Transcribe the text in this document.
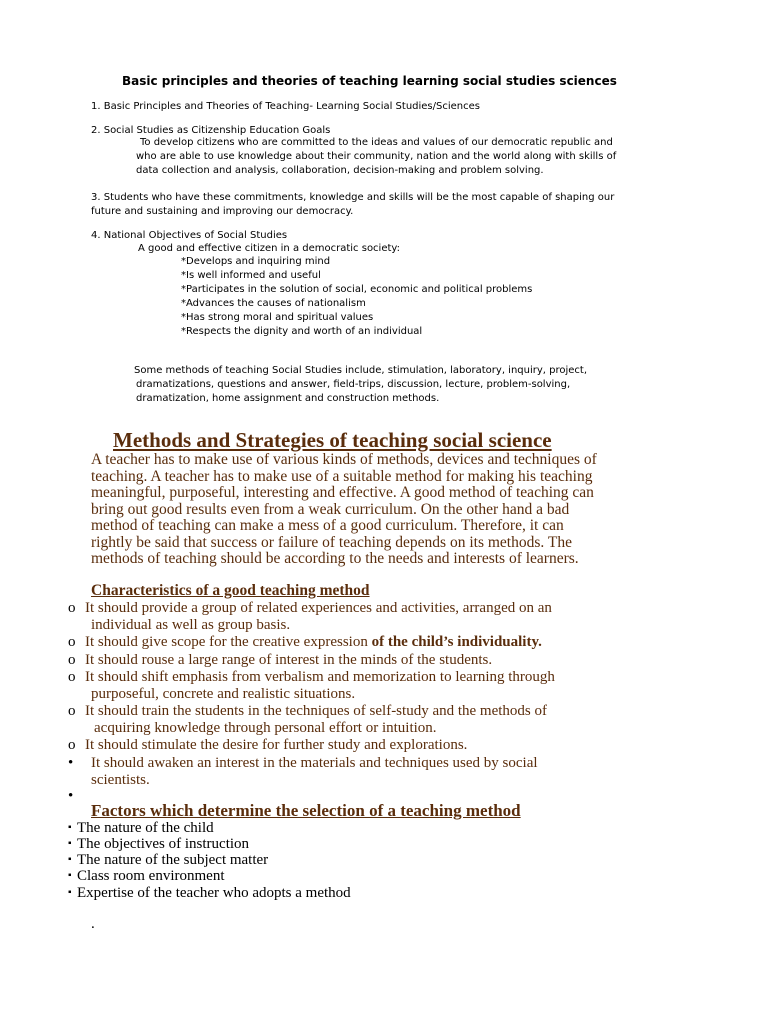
Basic principles and theories of teaching learning social studies sciences
1. Basic Principles and Theories of Teaching- Learning Social Studies/Sciences
2. Social Studies as Citizenship Education Goals
To develop citizens who are committed to the ideas and values of our democratic republic and
who are able to use knowledge about their community, nation and the world along with skills of
data collection and analysis, collaboration, decision-making and problem solving.
3. Students who have these commitments, knowledge and skills will be the most capable of shaping our
future and sustaining and improving our democracy.
4. National Objectives of Social Studies
A good and effective citizen in a democratic society:
*Develops and inquiring mind
*Is well informed and useful
*Participates in the solution of social, economic and political problems
*Advances the causes of nationalism
*Has strong moral and spiritual values
*Respects the dignity and worth of an individual
Some methods of teaching Social Studies include, stimulation, laboratory, inquiry, project,
dramatizations, questions and answer, field-trips, discussion, lecture, problem-solving,
dramatization, home assignment and construction methods.
Methods and Strategies of teaching social science
A teacher has to make use of various kinds of methods, devices and techniques of
teaching. A teacher has to make use of a suitable method for making his teaching
meaningful, purposeful, interesting and effective. A good method of teaching can
bring out good results even from a weak curriculum. On the other hand a bad
method of teaching can make a mess of a good curriculum. Therefore, it can
rightly be said that success or failure of teaching depends on its methods. The
methods of teaching should be according to the needs and interests of learners.
Characteristics of a good teaching method
o It should provide a group of related experiences and activities, arranged on an
individual as well as group basis.
o It should give scope for the creative expression of the child’s individuality.
o It should rouse a large range of interest in the minds of the students.
o It should shift emphasis from verbalism and memorization to learning through
purposeful, concrete and realistic situations.
o It should train the students in the techniques of self-study and the methods of
acquiring knowledge through personal effort or intuition.
o It should stimulate the desire for further study and explorations.
• It should awaken an interest in the materials and techniques used by social
scientists.
•
Factors which determine the selection of a teaching method
▪ The nature of the child
▪ The objectives of instruction
▪ The nature of the subject matter
▪ Class room environment
▪ Expertise of the teacher who adopts a method
.
